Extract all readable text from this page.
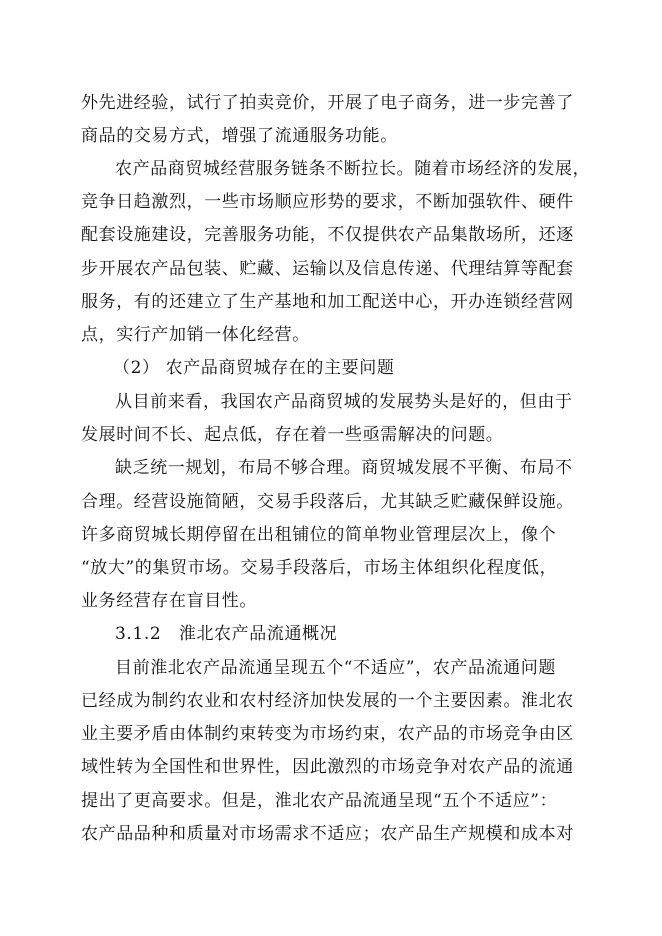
外先进经验，试行了拍卖竞价，开展了电子商务，进一步完善了
商品的交易方式，增强了流通服务功能。
农产品商贸城经营服务链条不断拉长。随着市场经济的发展，
竞争日趋激烈，一些市场顺应形势的要求，不断加强软件、硬件
配套设施建设，完善服务功能，不仅提供农产品集散场所，还逐
步开展农产品包装、贮藏、运输以及信息传递、代理结算等配套
服务，有的还建立了生产基地和加工配送中心，开办连锁经营网
点，实行产加销一体化经营。
（2） 农产品商贸城存在的主要问题
从目前来看，我国农产品商贸城的发展势头是好的，但由于
发展时间不长、起点低，存在着一些亟需解决的问题。
缺乏统一规划，布局不够合理。商贸城发展不平衡、布局不
合理。经营设施简陋，交易手段落后，尤其缺乏贮藏保鲜设施。
许多商贸城长期停留在出租铺位的简单物业管理层次上，像个
“放大”的集贸市场。交易手段落后，市场主体组织化程度低，
业务经营存在盲目性。
3.1.2　淮北农产品流通概况
目前淮北农产品流通呈现五个“不适应”，农产品流通问题
已经成为制约农业和农村经济加快发展的一个主要因素。淮北农
业主要矛盾由体制约束转变为市场约束，农产品的市场竞争由区
域性转为全国性和世界性，因此激烈的市场竞争对农产品的流通
提出了更高要求。但是，淮北农产品流通呈现“五个不适应”：
农产品品种和质量对市场需求不适应；农产品生产规模和成本对
